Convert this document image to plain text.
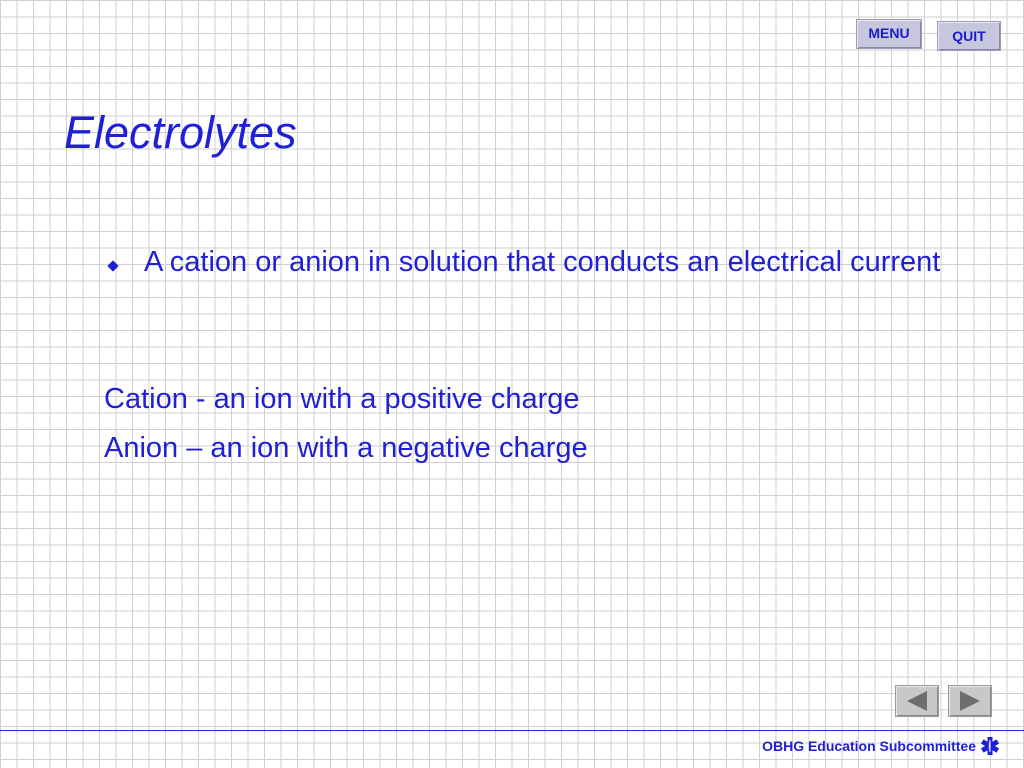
MENU	QUIT
Electrolytes
A cation or anion in solution that conducts an electrical current
Cation - an ion with a positive charge
Anion – an ion with a negative charge
OBHG Education Subcommittee
